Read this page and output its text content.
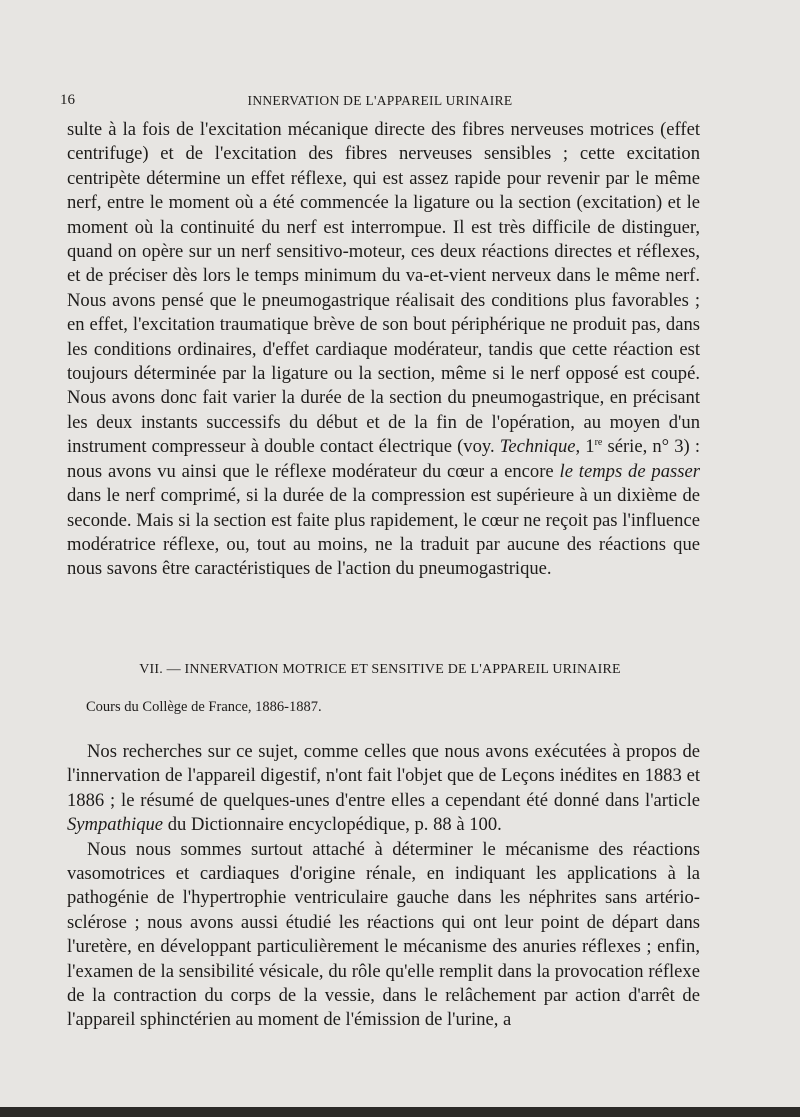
16	INNERVATION DE L'APPAREIL URINAIRE

sulte à la fois de l'excitation mécanique directe des fibres nerveuses motrices (effet centrifuge) et de l'excitation des fibres nerveuses sensibles ; cette excitation centripète détermine un effet réflexe, qui est assez rapide pour revenir par le même nerf, entre le moment où a été commencée la ligature ou la section (excitation) et le moment où la continuité du nerf est interrompue. Il est très difficile de distinguer, quand on opère sur un nerf sensitivo-moteur, ces deux réactions directes et réflexes, et de préciser dès lors le temps minimum du va-et-vient nerveux dans le même nerf. Nous avons pensé que le pneumogastrique réalisait des conditions plus favorables ; en effet, l'excitation traumatique brève de son bout périphérique ne produit pas, dans les conditions ordinaires, d'effet cardiaque modérateur, tandis que cette réaction est toujours déterminée par la ligature ou la section, même si le nerf opposé est coupé. Nous avons donc fait varier la durée de la section du pneumogastrique, en précisant les deux instants successifs du début et de la fin de l'opération, au moyen d'un instrument compresseur à double contact électrique (voy. Technique, 1re série, n° 3) : nous avons vu ainsi que le réflexe modérateur du cœur a encore le temps de passer dans le nerf comprimé, si la durée de la compression est supérieure à un dixième de seconde. Mais si la section est faite plus rapidement, le cœur ne reçoit pas l'influence modératrice réflexe, ou, tout au moins, ne la traduit par aucune des réactions que nous savons être caractéristiques de l'action du pneumogastrique.

VII. — INNERVATION MOTRICE ET SENSITIVE DE L'APPAREIL URINAIRE

Cours du Collège de France, 1886-1887.

Nos recherches sur ce sujet, comme celles que nous avons exécutées à propos de l'innervation de l'appareil digestif, n'ont fait l'objet que de Leçons inédites en 1883 et 1886 ; le résumé de quelques-unes d'entre elles a cependant été donné dans l'article Sympathique du Dictionnaire encyclopédique, p. 88 à 100.

Nous nous sommes surtout attaché à déterminer le mécanisme des réactions vasomotrices et cardiaques d'origine rénale, en indiquant les applications à la pathogénie de l'hypertrophie ventriculaire gauche dans les néphrites sans artério-sclérose ; nous avons aussi étudié les réactions qui ont leur point de départ dans l'uretère, en développant particulièrement le mécanisme des anuries réflexes ; enfin, l'examen de la sensibilité vésicale, du rôle qu'elle remplit dans la provocation réflexe de la contraction du corps de la vessie, dans le relâchement par action d'arrêt de l'appareil sphinctérien au moment de l'émission de l'urine, a
